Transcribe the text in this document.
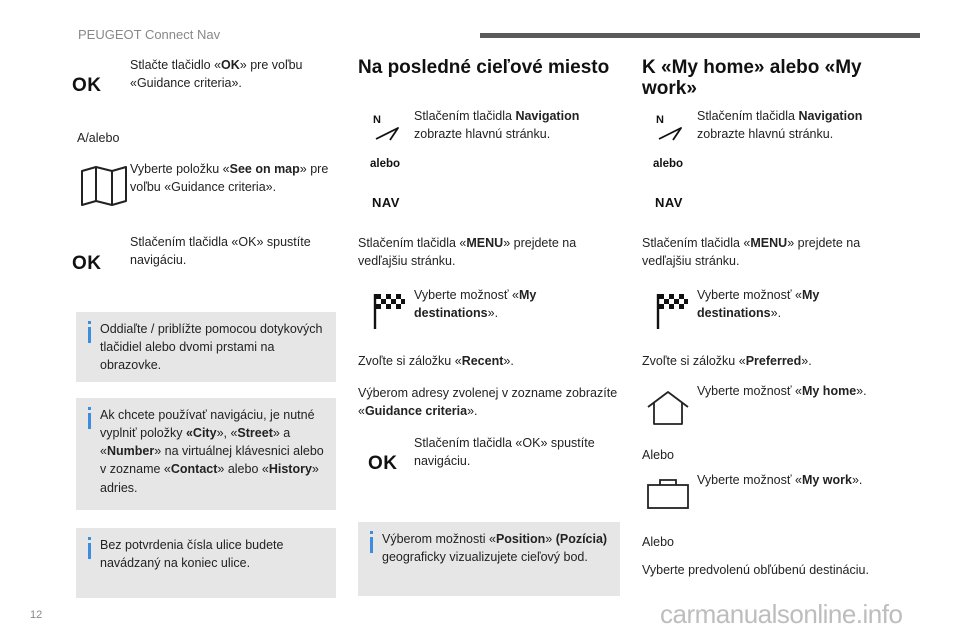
PEUGEOT Connect Nav
OK
Stlačte tlačidlo «OK» pre voľbu «Guidance criteria».
A/alebo
Vyberte položku «See on map» pre voľbu «Guidance criteria».
OK
Stlačením tlačidla «OK» spustíte navigáciu.
Oddiaľte / priblížte pomocou dotykových tlačidiel alebo dvomi prstami na obrazovke.
Ak chcete používať navigáciu, je nutné vyplniť položky «City», «Street» a «Number» na virtuálnej klávesnici alebo v zozname «Contact» alebo «History» adries.
Bez potvrdenia čísla ulice budete navádzaný na koniec ulice.
Na posledné cieľové miesto
N
alebo
NAV
Stlačením tlačidla Navigation zobrazte hlavnú stránku.
Stlačením tlačidla «MENU» prejdete na vedľajšiu stránku.
Vyberte možnosť «My destinations».
Zvoľte si záložku «Recent».
Výberom adresy zvolenej v zozname zobrazíte «Guidance criteria».
OK
Stlačením tlačidla «OK» spustíte navigáciu.
Výberom možnosti «Position» (Pozícia) geograficky vizualizujete cieľový bod.
K «My home» alebo «My work»
N
alebo
NAV
Stlačením tlačidla Navigation zobrazte hlavnú stránku.
Stlačením tlačidla «MENU» prejdete na vedľajšiu stránku.
Vyberte možnosť «My destinations».
Zvoľte si záložku «Preferred».
Vyberte možnosť «My home».
Alebo
Vyberte možnosť «My work».
Alebo
Vyberte predvolenú obľúbenú destináciu.
12	carmanualsonline.info
